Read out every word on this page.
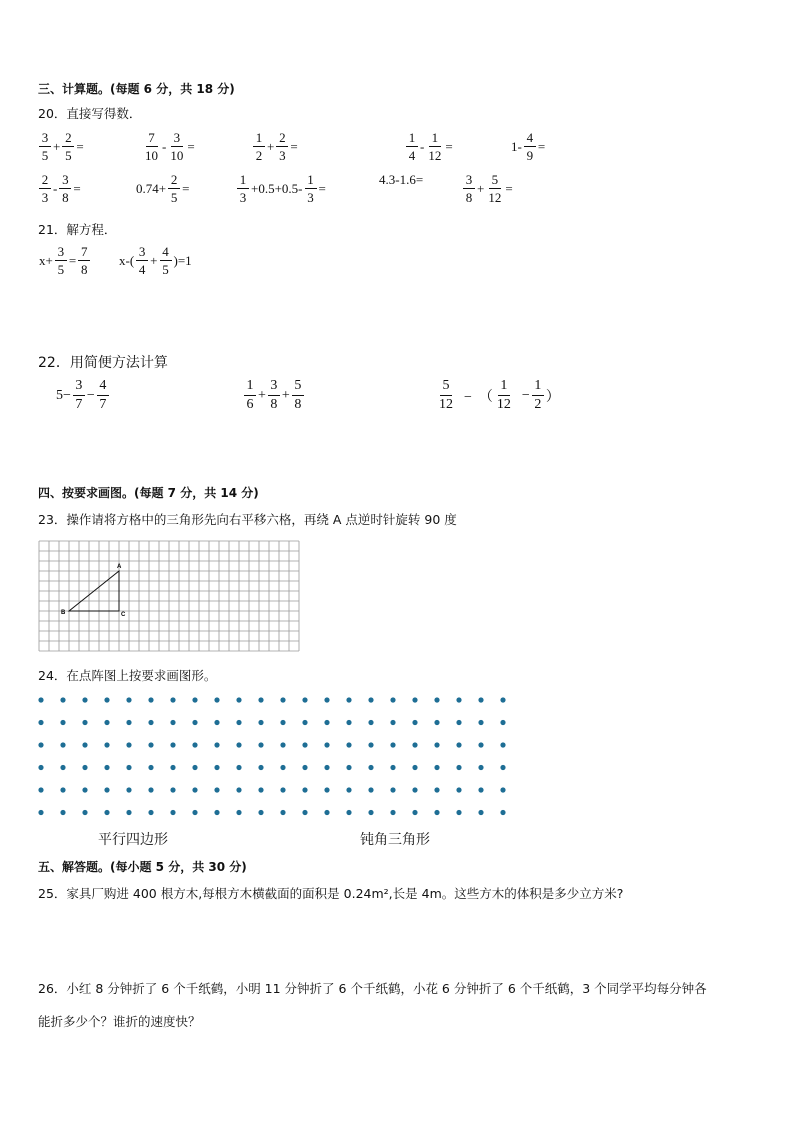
三、计算题。(每题 6 分，共 18 分)
20．直接写得数．
$\frac{3}{5} + \frac{2}{5}$ =	$\frac{7}{10} - \frac{3}{10}$ =	$\frac{1}{2} + \frac{2}{3}$ =	$\frac{1}{4} - \frac{1}{12}$ =	$1- \frac{4}{9}$ =
$\frac{2}{3} - \frac{3}{8}$ =	$0.74+ \frac{2}{5}$ =	$\frac{1}{3} +0.5+0.5- \frac{1}{3}$ =
4.3-1.6=	$\frac{3}{8} + \frac{5}{12}$ =
21．解方程．
$x+ \frac{3}{5} = \frac{7}{8} x-( \frac{3}{4} + \frac{4}{5} )=1$
22．用简便方法计算
$5- \frac{3}{7} - \frac{4}{7}$	$\frac{1}{6} + \frac{3}{8} + \frac{5}{8}$	$\frac{5}{12}$ −  （ $\frac{1}{12} - \frac{1}{2}$ ）
四、按要求画图。(每题 7 分，共 14 分)
23．操作请将方格中的三角形先向右平移六格，再绕 A 点逆时针旋转 90 度
A
B	C
24．在点阵图上按要求画图形。
平行四边形	钝角三角形
五、解答题。(每小题 5 分，共 30 分)
25．家具厂购进 400 根方木,每根方木横截面的面积是 0.24m²,长是 4m。这些方木的体积是多少立方米?
26．小红 8 分钟折了 6 个千纸鹤，小明 11 分钟折了 6 个千纸鹤，小花 6 分钟折了 6 个千纸鹤，3 个同学平均每分钟各
能折多少个？谁折的速度快？
